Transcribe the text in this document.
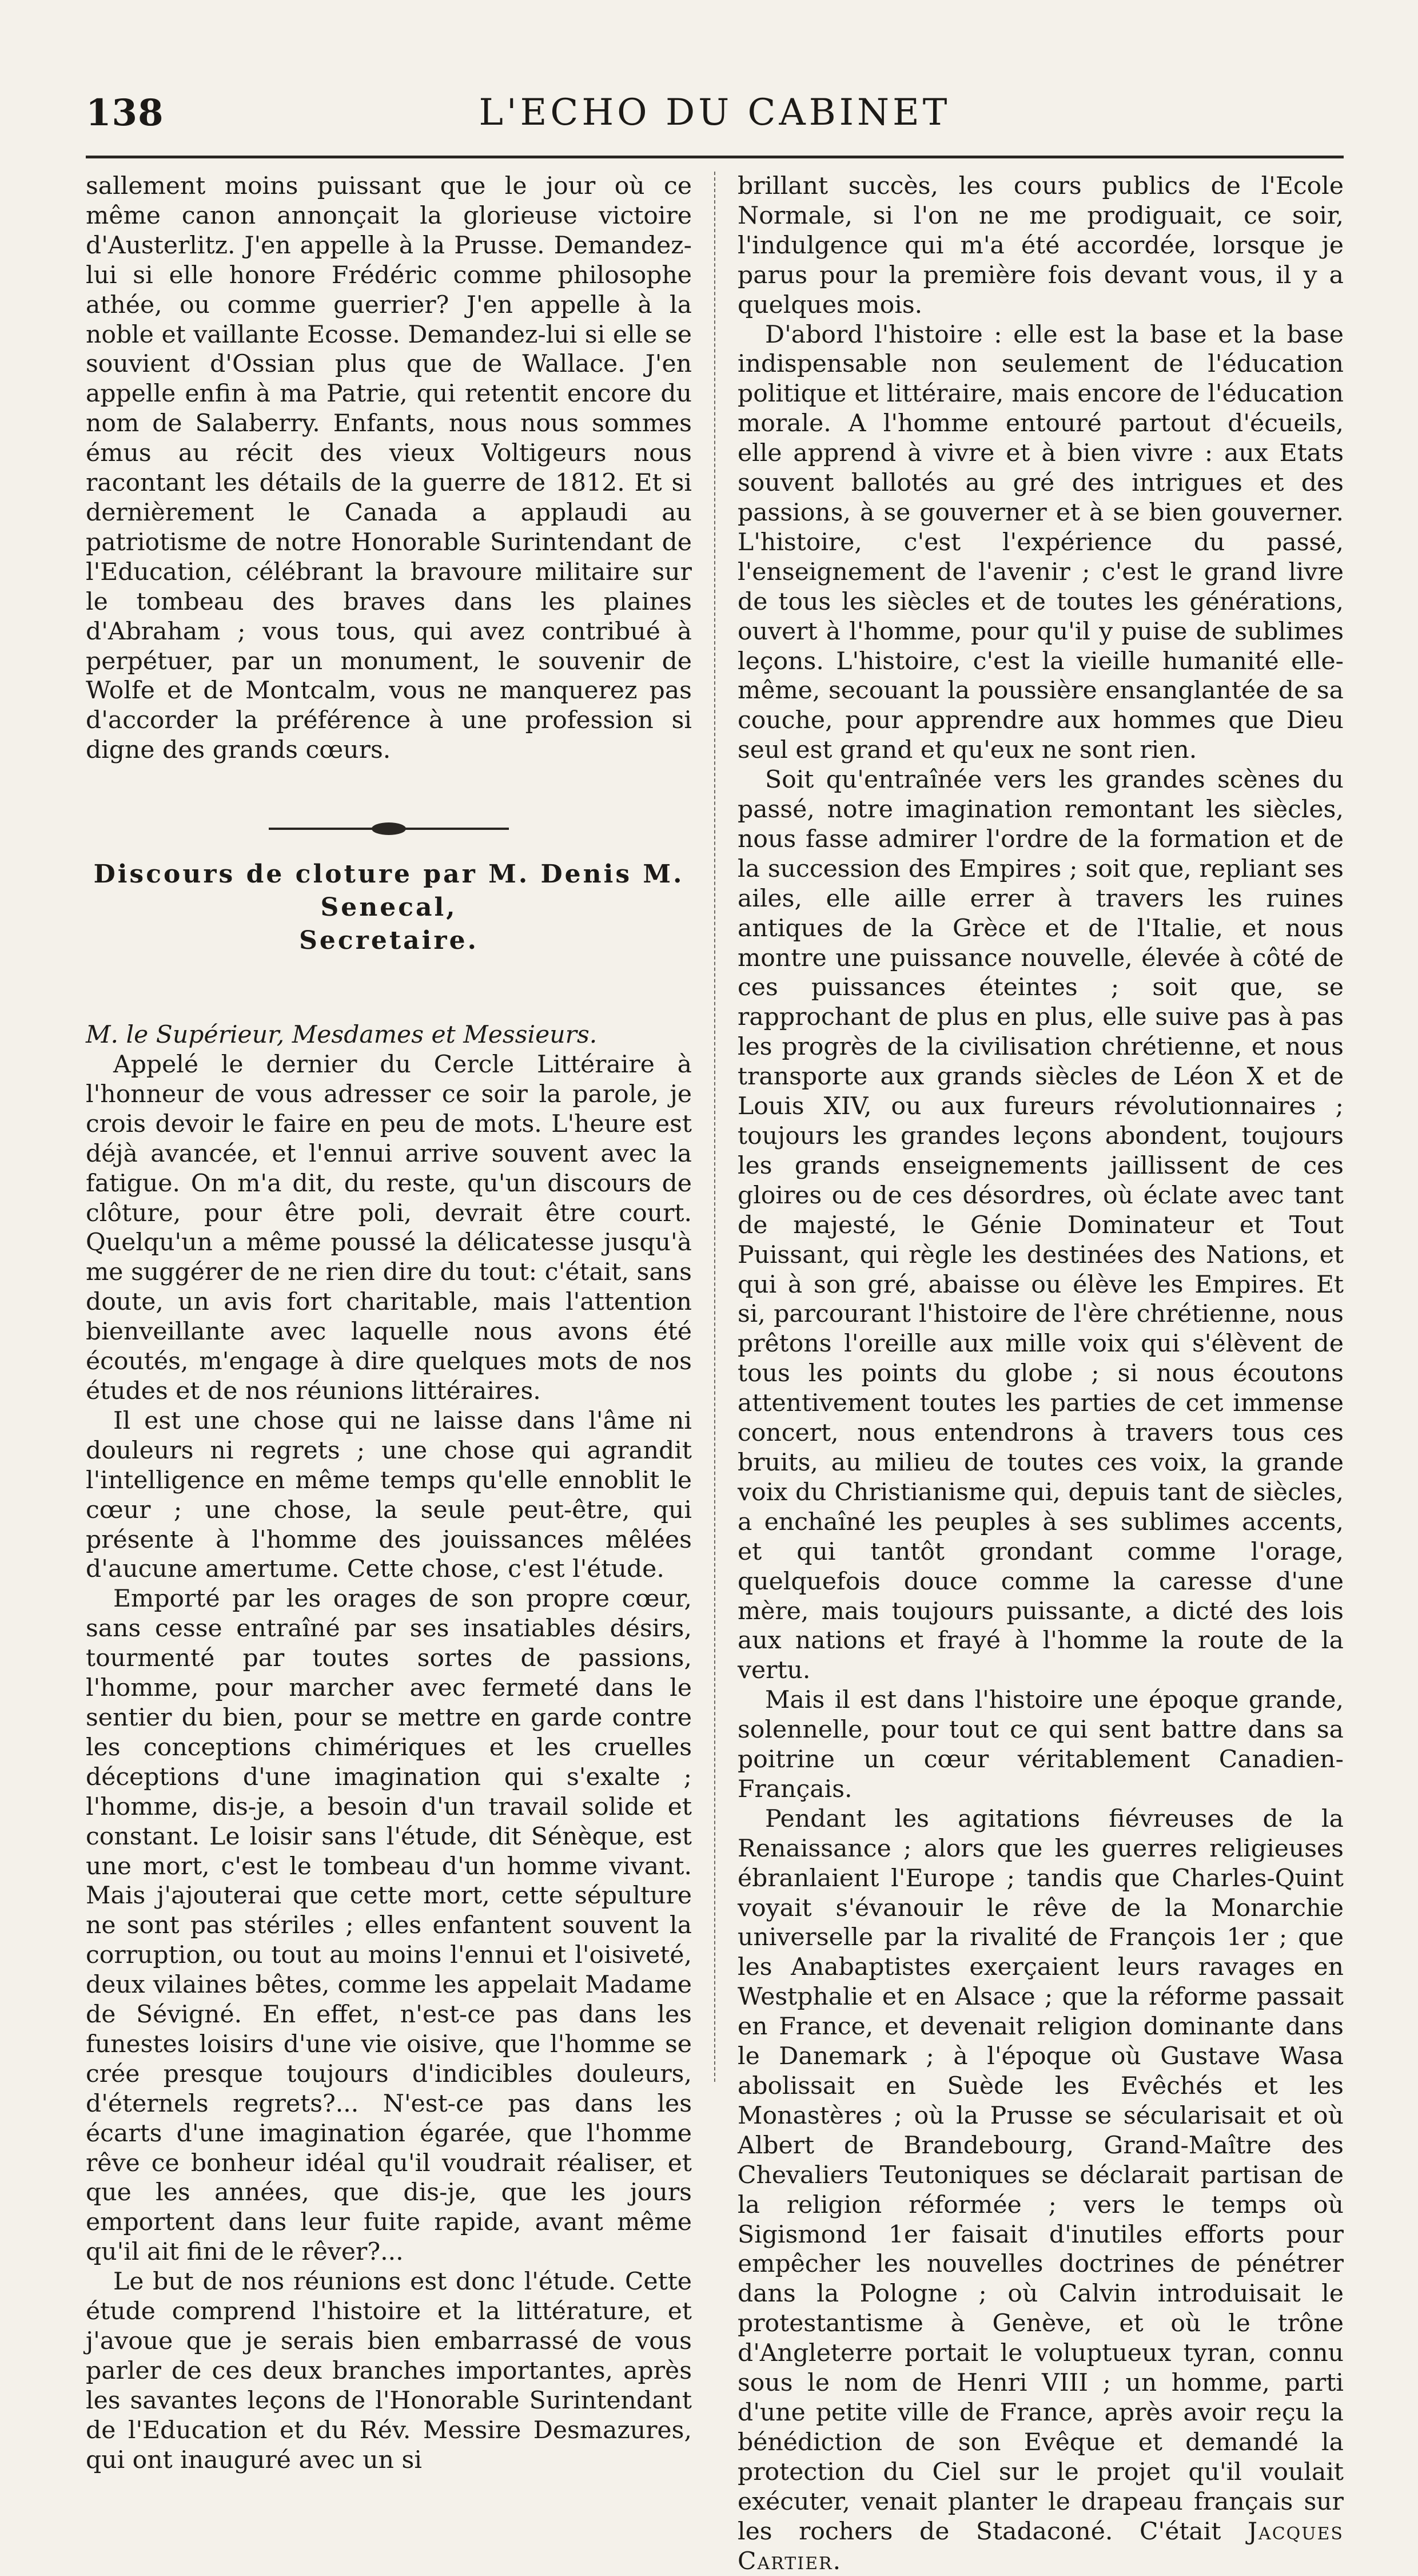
138	L'ECHO DU CABINET

sallement moins puissant que le jour où ce même canon annonçait la glorieuse victoire d'Austerlitz. J'en appelle à la Prusse. Demandez-lui si elle honore Frédéric comme philosophe athée, ou comme guerrier? J'en appelle à la noble et vaillante Ecosse. Demandez-lui si elle se souvient d'Ossian plus que de Wallace. J'en appelle enfin à ma Patrie, qui retentit encore du nom de Salaberry. Enfants, nous nous sommes émus au récit des vieux Voltigeurs nous racontant les détails de la guerre de 1812. Et si dernièrement le Canada a applaudi au patriotisme de notre Honorable Surintendant de l'Education, célébrant la bravoure militaire sur le tombeau des braves dans les plaines d'Abraham ; vous tous, qui avez contribué à perpétuer, par un monument, le souvenir de Wolfe et de Montcalm, vous ne manquerez pas d'accorder la préférence à une profession si digne des grands cœurs.

Discours de cloture par M. Denis M. Senecal,
Secretaire.

M. le Supérieur, Mesdames et Messieurs.

Appelé le dernier du Cercle Littéraire à l'honneur de vous adresser ce soir la parole, je crois devoir le faire en peu de mots. L'heure est déjà avancée, et l'ennui arrive souvent avec la fatigue. On m'a dit, du reste, qu'un discours de clôture, pour être poli, devrait être court. Quelqu'un a même poussé la délicatesse jusqu'à me suggérer de ne rien dire du tout: c'était, sans doute, un avis fort charitable, mais l'attention bienveillante avec laquelle nous avons été écoutés, m'engage à dire quelques mots de nos études et de nos réunions littéraires.

Il est une chose qui ne laisse dans l'âme ni douleurs ni regrets ; une chose qui agrandit l'intelligence en même temps qu'elle ennoblit le cœur ; une chose, la seule peut-être, qui présente à l'homme des jouissances mêlées d'aucune amertume. Cette chose, c'est l'étude.

Emporté par les orages de son propre cœur, sans cesse entraîné par ses insatiables désirs, tourmenté par toutes sortes de passions, l'homme, pour marcher avec fermeté dans le sentier du bien, pour se mettre en garde contre les conceptions chimériques et les cruelles déceptions d'une imagination qui s'exalte ; l'homme, dis-je, a besoin d'un travail solide et constant. Le loisir sans l'étude, dit Sénèque, est une mort, c'est le tombeau d'un homme vivant. Mais j'ajouterai que cette mort, cette sépulture ne sont pas stériles ; elles enfantent souvent la corruption, ou tout au moins l'ennui et l'oisiveté, deux vilaines bêtes, comme les appelait Madame de Sévigné. En effet, n'est-ce pas dans les funestes loisirs d'une vie oisive, que l'homme se crée presque toujours d'indicibles douleurs, d'éternels regrets?... N'est-ce pas dans les écarts d'une imagination égarée, que l'homme rêve ce bonheur idéal qu'il voudrait réaliser, et que les années, que dis-je, que les jours emportent dans leur fuite rapide, avant même qu'il ait fini de le rêver?...

Le but de nos réunions est donc l'étude. Cette étude comprend l'histoire et la littérature, et j'avoue que je serais bien embarrassé de vous parler de ces deux branches importantes, après les savantes leçons de l'Honorable Surintendant de l'Education et du Rév. Messire Desmazures, qui ont inauguré avec un si

brillant succès, les cours publics de l'Ecole Normale, si l'on ne me prodiguait, ce soir, l'indulgence qui m'a été accordée, lorsque je parus pour la première fois devant vous, il y a quelques mois.

D'abord l'histoire : elle est la base et la base indispensable non seulement de l'éducation politique et littéraire, mais encore de l'éducation morale. A l'homme entouré partout d'écueils, elle apprend à vivre et à bien vivre : aux Etats souvent ballotés au gré des intrigues et des passions, à se gouverner et à se bien gouverner. L'histoire, c'est l'expérience du passé, l'enseignement de l'avenir ; c'est le grand livre de tous les siècles et de toutes les générations, ouvert à l'homme, pour qu'il y puise de sublimes leçons. L'histoire, c'est la vieille humanité elle-même, secouant la poussière ensanglantée de sa couche, pour apprendre aux hommes que Dieu seul est grand et qu'eux ne sont rien.

Soit qu'entraînée vers les grandes scènes du passé, notre imagination remontant les siècles, nous fasse admirer l'ordre de la formation et de la succession des Empires ; soit que, repliant ses ailes, elle aille errer à travers les ruines antiques de la Grèce et de l'Italie, et nous montre une puissance nouvelle, élevée à côté de ces puissances éteintes ; soit que, se rapprochant de plus en plus, elle suive pas à pas les progrès de la civilisation chrétienne, et nous transporte aux grands siècles de Léon X et de Louis XIV, ou aux fureurs révolutionnaires ; toujours les grandes leçons abondent, toujours les grands enseignements jaillissent de ces gloires ou de ces désordres, où éclate avec tant de majesté, le Génie Dominateur et Tout Puissant, qui règle les destinées des Nations, et qui à son gré, abaisse ou élève les Empires. Et si, parcourant l'histoire de l'ère chrétienne, nous prêtons l'oreille aux mille voix qui s'élèvent de tous les points du globe ; si nous écoutons attentivement toutes les parties de cet immense concert, nous entendrons à travers tous ces bruits, au milieu de toutes ces voix, la grande voix du Christianisme qui, depuis tant de siècles, a enchaîné les peuples à ses sublimes accents, et qui tantôt grondant comme l'orage, quelquefois douce comme la caresse d'une mère, mais toujours puissante, a dicté des lois aux nations et frayé à l'homme la route de la vertu.

Mais il est dans l'histoire une époque grande, solennelle, pour tout ce qui sent battre dans sa poitrine un cœur véritablement Canadien-Français.

Pendant les agitations fiévreuses de la Renaissance ; alors que les guerres religieuses ébranlaient l'Europe ; tandis que Charles-Quint voyait s'évanouir le rêve de la Monarchie universelle par la rivalité de François 1er ; que les Anabaptistes exerçaient leurs ravages en Westphalie et en Alsace ; que la réforme passait en France, et devenait religion dominante dans le Danemark ; à l'époque où Gustave Wasa abolissait en Suède les Evêchés et les Monastères ; où la Prusse se sécularisait et où Albert de Brandebourg, Grand-Maître des Chevaliers Teutoniques se déclarait partisan de la religion réformée ; vers le temps où Sigismond 1er faisait d'inutiles efforts pour empêcher les nouvelles doctrines de pénétrer dans la Pologne ; où Calvin introduisait le protestantisme à Genève, et où le trône d'Angleterre portait le voluptueux tyran, connu sous le nom de Henri VIII ; un homme, parti d'une petite ville de France, après avoir reçu la bénédiction de son Evêque et demandé la protection du Ciel sur le projet qu'il voulait exécuter, venait planter le drapeau français sur les rochers de Stadaconé. C'était Jacques Cartier.
